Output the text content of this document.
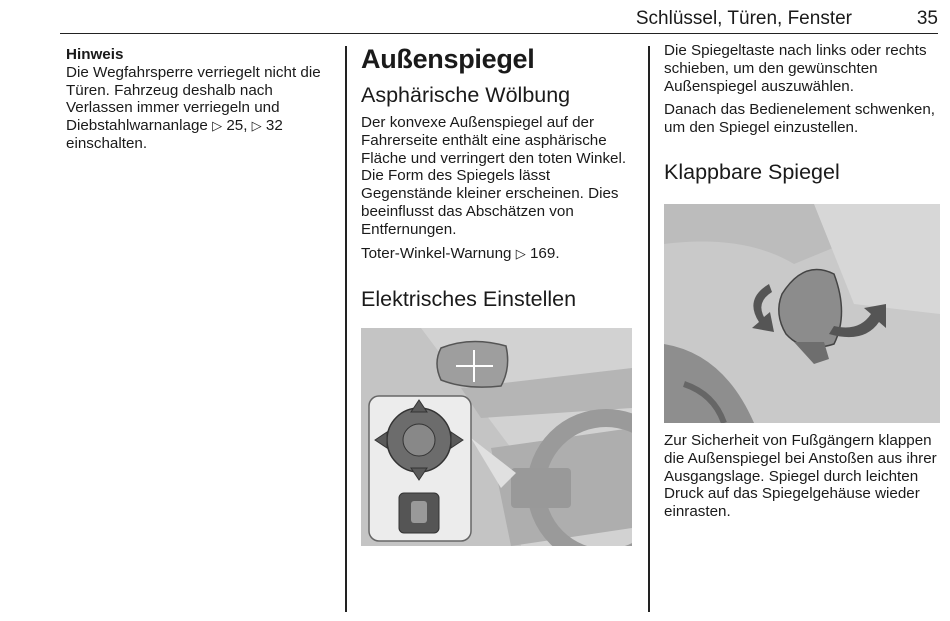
Schlüssel, Türen, Fenster	35

Hinweis
Die Wegfahrsperre verriegelt nicht die Türen. Fahrzeug deshalb nach Verlassen immer verriegeln und Diebstahlwarnanlage ▷ 25, ▷ 32 einschalten.

Außenspiegel
Asphärische Wölbung

Der konvexe Außenspiegel auf der Fahrerseite enthält eine asphärische Fläche und verringert den toten Winkel. Die Form des Spiegels lässt Gegenstände kleiner erscheinen. Dies beeinflusst das Abschätzen von Entfernungen.

Toter-Winkel-Warnung ▷ 169.

Elektrisches Einstellen

Die Spiegeltaste nach links oder rechts schieben, um den gewünschten Außenspiegel auszuwählen.

Danach das Bedienelement schwenken, um den Spiegel einzustellen.

Klappbare Spiegel

Zur Sicherheit von Fußgängern klappen die Außenspiegel bei Anstoßen aus ihrer Ausgangslage. Spiegel durch leichten Druck auf das Spiegelgehäuse wieder einrasten.
